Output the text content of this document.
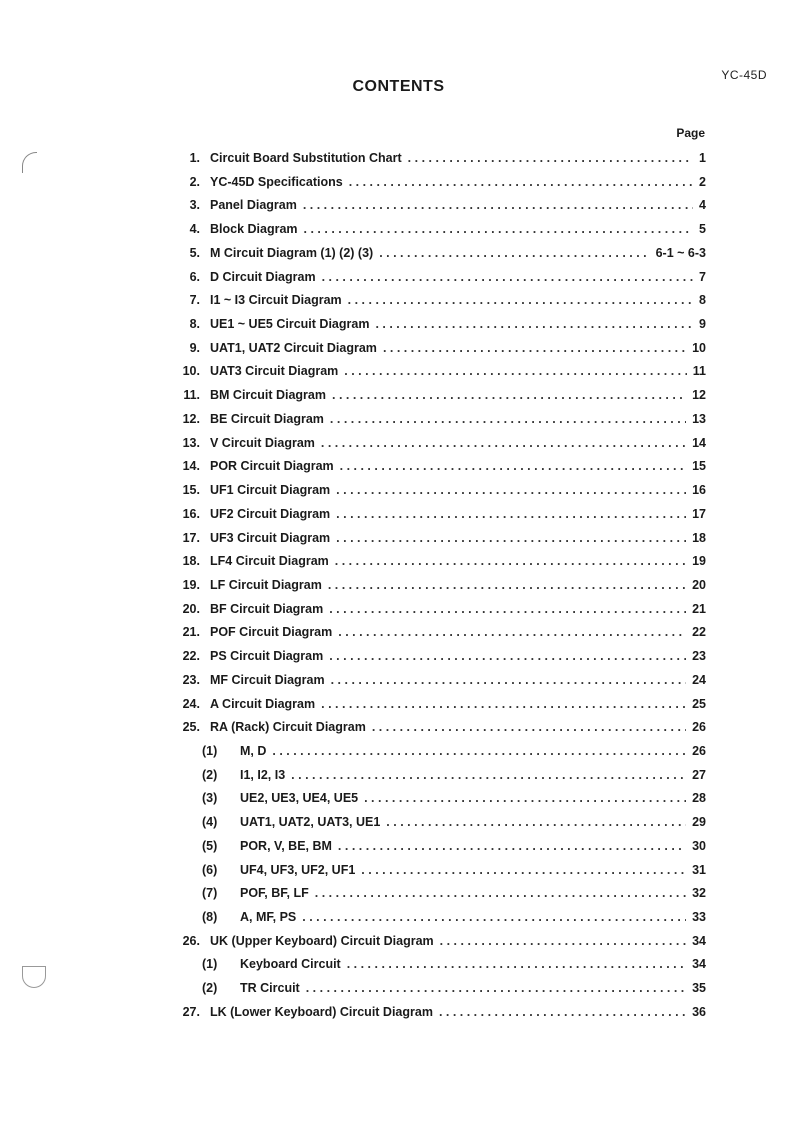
YC-45D
CONTENTS
Page
1. Circuit Board Substitution Chart . . .	1
2. YC-45D Specifications . . .	2
3. Panel Diagram . . .	4
4. Block Diagram . . .	5
5. M Circuit Diagram (1) (2) (3) . . .	6-1 ~ 6-3
6. D Circuit Diagram . . .	7
7. I1 ~ I3 Circuit Diagram . . .	8
8. UE1 ~ UE5 Circuit Diagram . . .	9
9. UAT1, UAT2 Circuit Diagram . . .	10
10. UAT3 Circuit Diagram . . .	11
11. BM Circuit Diagram . . .	12
12. BE Circuit Diagram . . .	13
13. V Circuit Diagram . . .	14
14. POR Circuit Diagram . . .	15
15. UF1 Circuit Diagram . . .	16
16. UF2 Circuit Diagram . . .	17
17. UF3 Circuit Diagram . . .	18
18. LF4 Circuit Diagram . . .	19
19. LF Circuit Diagram . . .	20
20. BF Circuit Diagram . . .	21
21. POF Circuit Diagram . . .	22
22. PS Circuit Diagram . . .	23
23. MF Circuit Diagram . . .	24
24. A Circuit Diagram . . .	25
25. RA (Rack) Circuit Diagram . . .	26
(1)	M, D . . .	26
(2)	I1, I2, I3 . . .	27
(3)	UE2, UE3, UE4, UE5 . . .	28
(4)	UAT1, UAT2, UAT3, UE1 . . .	29
(5)	POR, V, BE, BM . . .	30
(6)	UF4, UF3, UF2, UF1 . . .	31
(7)	POF, BF, LF . . .	32
(8)	A, MF, PS . . .	33
26. UK (Upper Keyboard) Circuit Diagram . . .	34
(1)	Keyboard Circuit . . .	34
(2)	TR Circuit . . .	35
27. LK (Lower Keyboard) Circuit Diagram . . .	36
